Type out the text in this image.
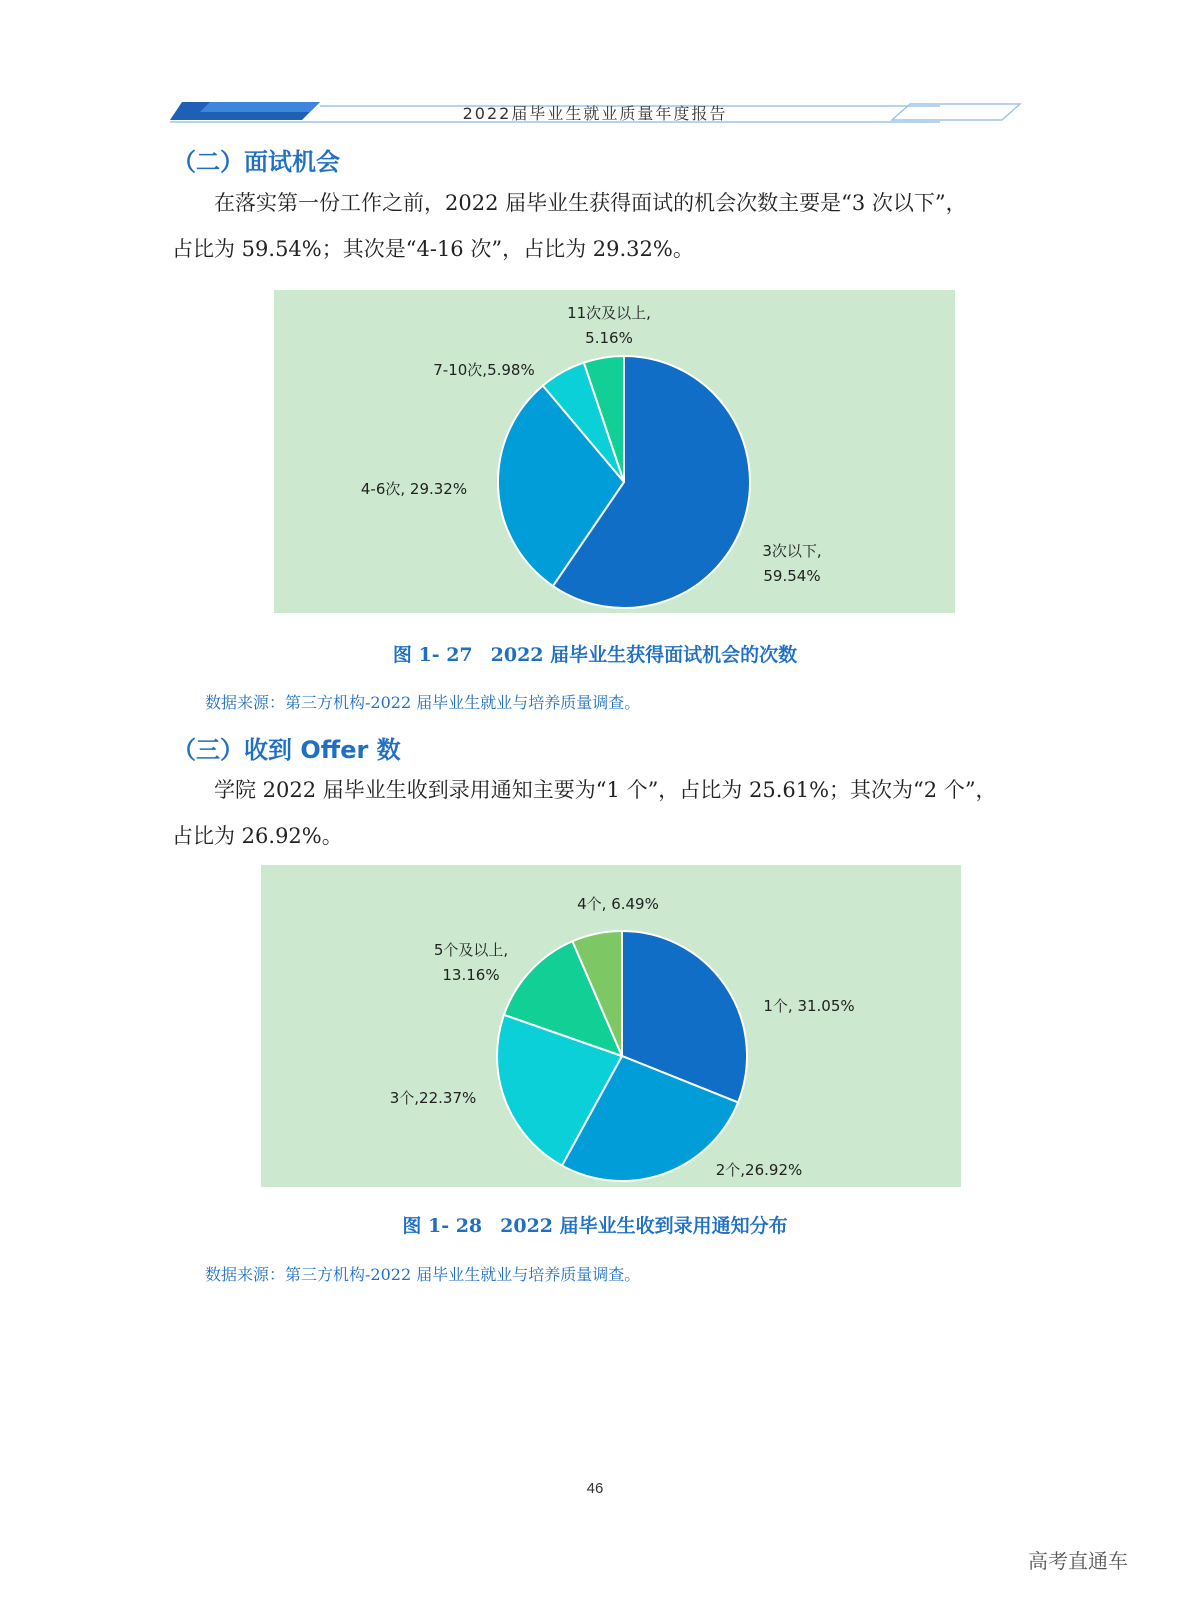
2022届毕业生就业质量年度报告
（二）面试机会
在落实第一份工作之前，2022 届毕业生获得面试的机会次数主要是“3 次以下”，
占比为 59.54%；其次是“4-16 次”，占比为 29.32%。
3次以下, 59.54%
4-6次, 29.32%
7-10次,5.98%
11次及以上, 5.16%
图 1- 27 2022 届毕业生获得面试机会的次数
数据来源：第三方机构-2022 届毕业生就业与培养质量调查。
（三）收到 Offer 数
学院 2022 届毕业生收到录用通知主要为“1 个”，占比为 25.61%；其次为“2 个”，
占比为 26.92%。
1个, 31.05%
2个,26.92%
3个,22.37%
5个及以上, 13.16%
4个, 6.49%
图 1- 28 2022 届毕业生收到录用通知分布
数据来源：第三方机构-2022 届毕业生就业与培养质量调查。
46
高考直通车
